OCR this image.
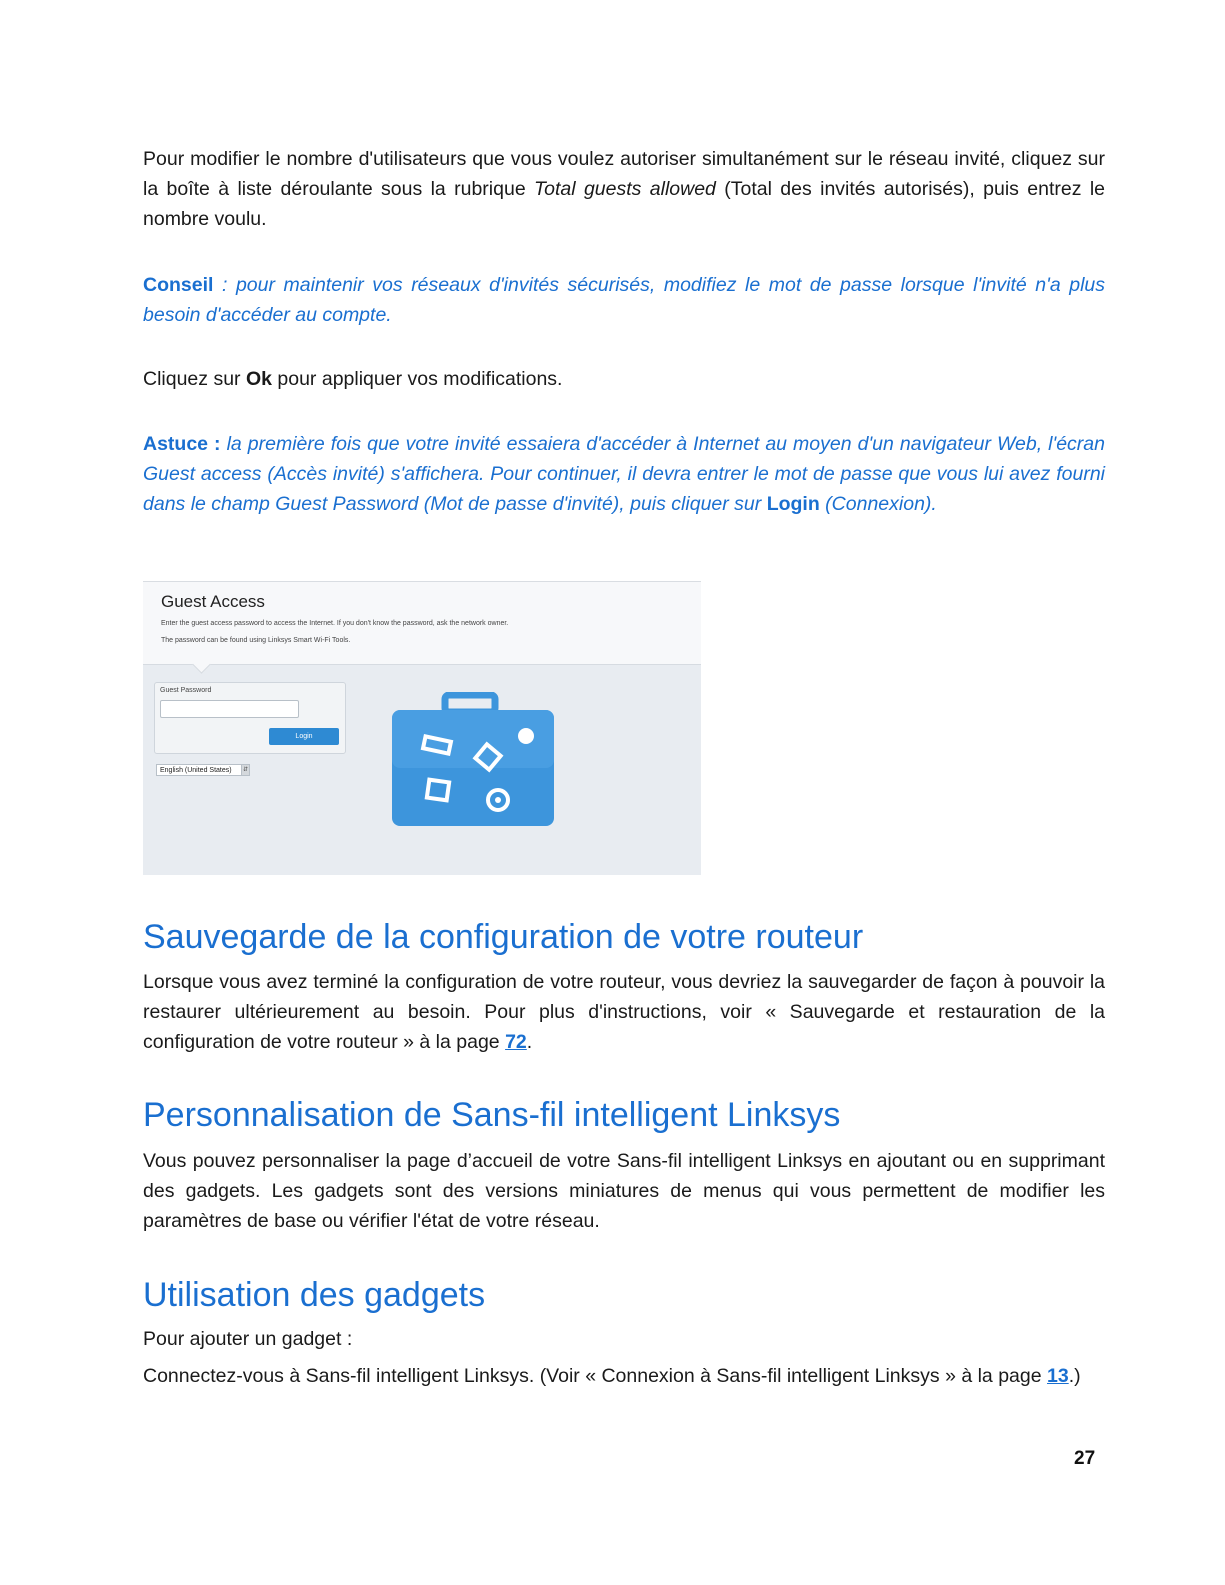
Pour modifier le nombre d'utilisateurs que vous voulez autoriser simultanément sur le réseau invité, cliquez sur la boîte à liste déroulante sous la rubrique Total guests allowed (Total des invités autorisés), puis entrez le nombre voulu.

Conseil : pour maintenir vos réseaux d'invités sécurisés, modifiez le mot de passe lorsque l'invité n'a plus besoin d'accéder au compte.

Cliquez sur Ok pour appliquer vos modifications.

Astuce : la première fois que votre invité essaiera d'accéder à Internet au moyen d'un navigateur Web, l'écran Guest access (Accès invité) s'affichera. Pour continuer, il devra entrer le mot de passe que vous lui avez fourni dans le champ Guest Password (Mot de passe d'invité), puis cliquer sur Login (Connexion).

Guest Access
Enter the guest access password to access the Internet. If you don't know the password, ask the network owner.
The password can be found using Linksys Smart Wi-Fi Tools.
Guest Password
Login
English (United States)	⇵
Sauvegarde de la configuration de votre routeur

Lorsque vous avez terminé la configuration de votre routeur, vous devriez la sauvegarder de façon à pouvoir la restaurer ultérieurement au besoin. Pour plus d'instructions, voir « Sauvegarde et restauration de la configuration de votre routeur » à la page 72.

Personnalisation de Sans-fil intelligent Linksys

Vous pouvez personnaliser la page d’accueil de votre Sans-fil intelligent Linksys en ajoutant ou en supprimant des gadgets. Les gadgets sont des versions miniatures de menus qui vous permettent de modifier les paramètres de base ou vérifier l'état de votre réseau.

Utilisation des gadgets

Pour ajouter un gadget :

Connectez-vous à Sans-fil intelligent Linksys. (Voir « Connexion à Sans-fil intelligent Linksys » à la page 13.)

27
